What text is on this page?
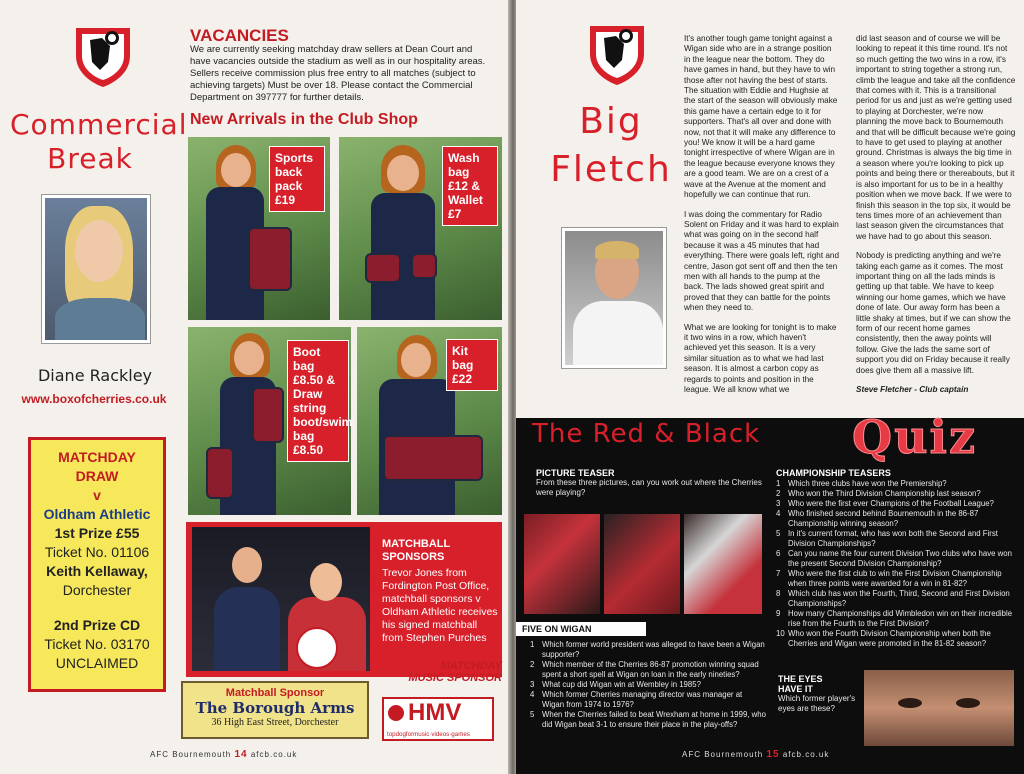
Commercial
Break
Diane Rackley
www.boxofcherries.co.uk
MATCHDAY
DRAW
v
Oldham Athletic
1st Prize £55
Ticket No. 01106
Keith Kellaway,
Dorchester
2nd Prize CD
Ticket No. 03170
UNCLAIMED
VACANCIES
We are currently seeking matchday draw sellers at Dean Court and have vacancies outside the stadium as well as in our hospitality areas. Sellers receive commission plus free entry to all matches (subject to achieving targets) Must be over 18. Please contact the Commercial Department on 397777 for further details.
New Arrivals in the Club Shop
Sports back pack £19
Wash bag £12 & Wallet £7
Boot bag £8.50 & Draw string boot/swim bag £8.50
Kit bag £22
MATCHBALL
SPONSORS
Trevor Jones from Fordington Post Office, matchball sponsors v Oldham Athletic receives his signed matchball from Stephen Purches
Matchball Sponsor
The Borough Arms
36 High East Street, Dorchester
MATCHDAY
MUSIC SPONSOR
HMV
topdogformusic·videos·games
AFC Bournemouth 14 afcb.co.uk
Big
Fletch

It's another tough game tonight against a Wigan side who are in a strange position in the league near the bottom. They do have games in hand, but they have to win those after not having the best of starts. The situation with Eddie and Hughsie at the start of the season will obviously make this game have a certain edge to it for supporters. That's all over and done with now, not that it will make any difference to you! We know it will be a hard game tonight irrespective of where Wigan are in the league because everyone knows they are a good team. We are on a crest of a wave at the Avenue at the moment and hopefully we can continue that run.

I was doing the commentary for Radio Solent on Friday and it was hard to explain what was going on in the second half because it was a 45 minutes that had everything. There were goals left, right and centre, Jason got sent off and then the ten men with all hands to the pump at the back. The lads showed great spirit and proved that they can battle for the points when they need to.

What we are looking for tonight is to make it two wins in a row, which haven't achieved yet this season. It is a very similar situation as to what we had last season. It is almost a carbon copy as regards to points and position in the league. We all know what we

did last season and of course we will be looking to repeat it this time round. It's not so much getting the two wins in a row, it's important to string together a strong run, climb the league and take all the confidence that comes with it. This is a transitional period for us and just as we're getting used to playing at Dorchester, we're now planning the move back to Bournemouth and that will be difficult because we're going to have to get used to playing at another ground. Christmas is always the big time in a season where you're looking to pick up points and being there or thereabouts, but it is also important for us to be in a healthy position when we move back. If we were to finish this season in the top six, it would be tens times more of an achievement than last season given the circumstances that we have had to go about this season.

Nobody is predicting anything and we're taking each game as it comes. The most important thing on all the lads minds is getting up that table. We have to keep winning our home games, which we have done of late. Our away form has been a little shaky at times, but if we can show the form of our recent home games consistently, then the away points will follow. Give the lads the same sort of support you did on Friday because it really does give them all a massive lift.

Steve Fletcher - Club captain

The Red & Black Quiz
PICTURE TEASER
From these three pictures, can you work out where the Cherries were playing?
FIVE ON WIGAN
1 Which former world president was alleged to have been a Wigan supporter?
2 Which member of the Cherries 86-87 promotion winning squad spent a short spell at Wigan on loan in the early nineties?
3 What cup did Wigan win at Wembley in 1985?
4 Which former Cherries managing director was manager at Wigan from 1974 to 1976?
5 When the Cherries failed to beat Wrexham at home in 1999, who did Wigan beat 3-1 to ensure their place in the play-offs?
CHAMPIONSHIP TEASERS
1 Which three clubs have won the Premiership?
2 Who won the Third Division Championship last season?
3 Who were the first ever Champions of the Football League?
4 Who finished second behind Bournemouth in the 86-87 Championship winning season?
5 In it's current format, who has won both the Second and First Division Championships?
6 Can you name the four current Division Two clubs who have won the present Second Division Championship?
7 Who were the first club to win the First Division Championship when three points were awarded for a win in 81-82?
8 Which club has won the Fourth, Third, Second and First Division Championships?
9 How many Championships did Wimbledon win on their incredible rise from the Fourth to the First Division?
10 Who won the Fourth Division Championship when both the Cherries and Wigan were promoted in the 81-82 season?
THE EYES
HAVE IT
Which former player's eyes are these?
AFC Bournemouth 15 afcb.co.uk
